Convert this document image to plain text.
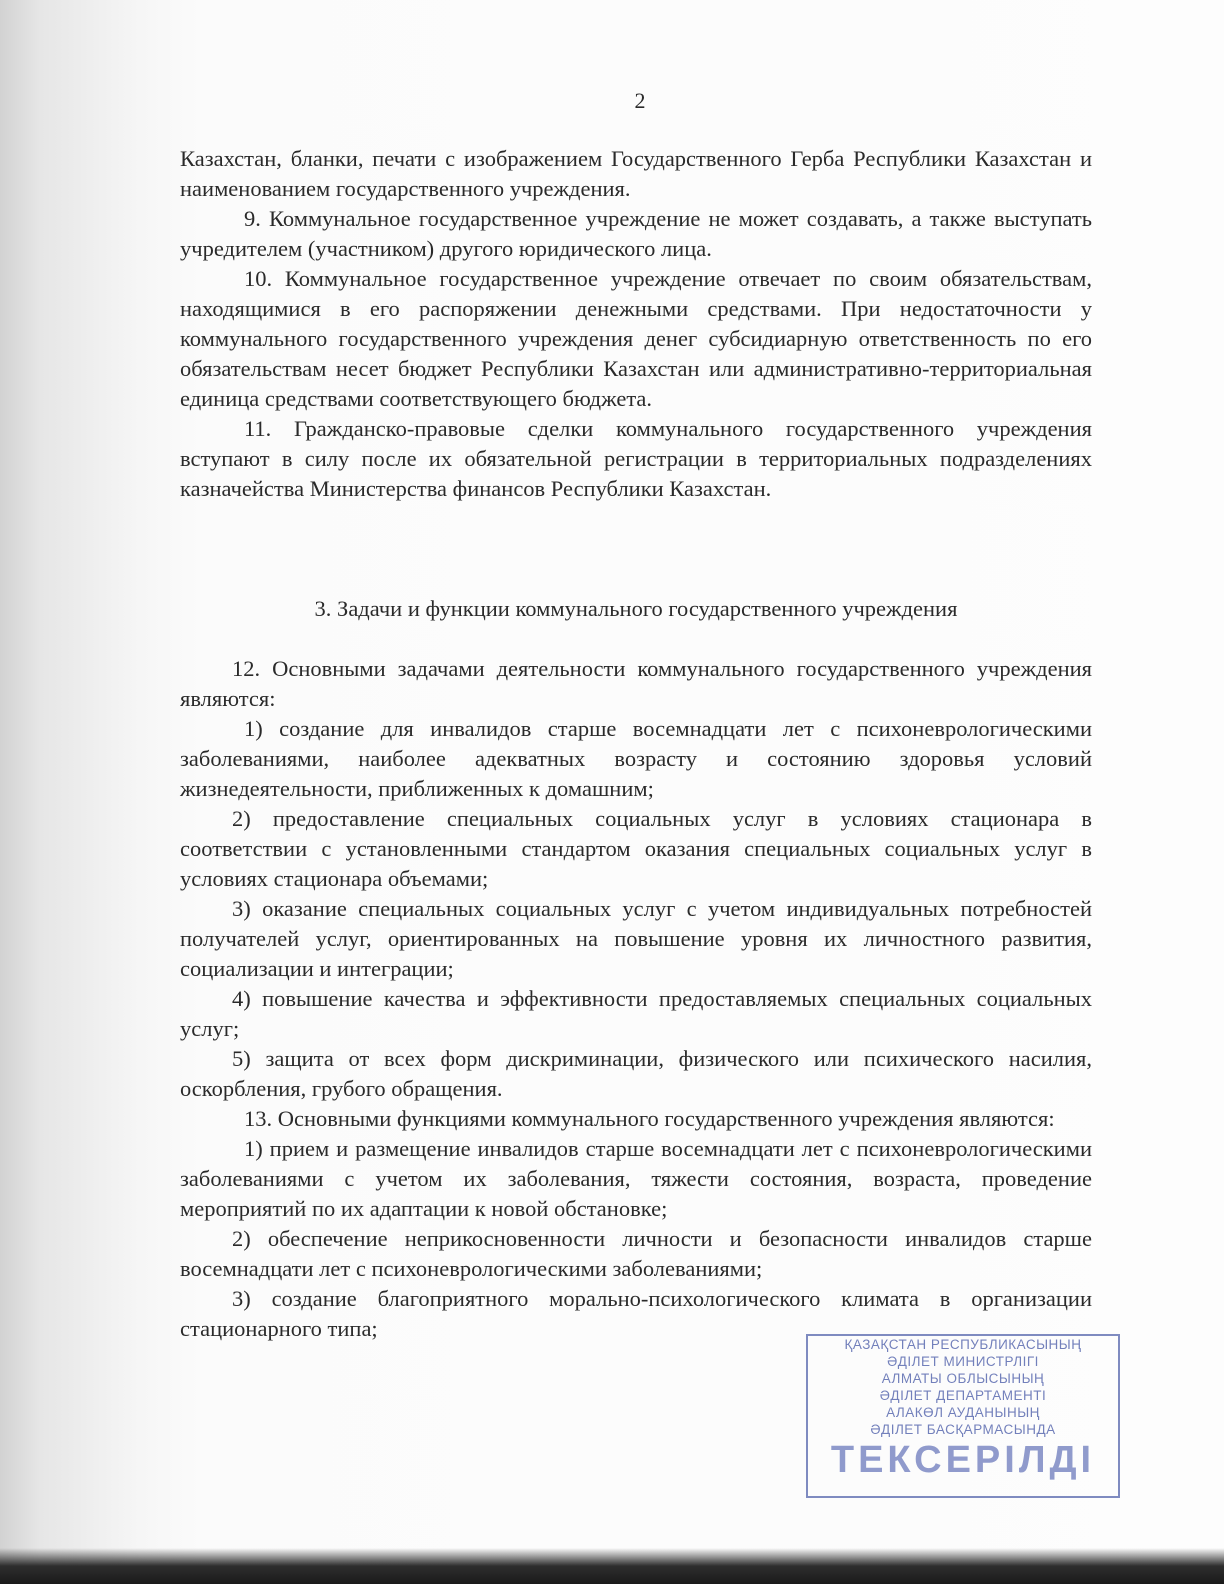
2

Казахстан, бланки, печати с изображением Государственного Герба Республики Казахстан и наименованием государственного учреждения.

9. Коммунальное государственное учреждение не может создавать, а также выступать учредителем (участником) другого юридического лица.

10. Коммунальное государственное учреждение отвечает по своим обязательствам, находящимися в его распоряжении денежными средствами. При недостаточности у коммунального государственного учреждения денег субсидиарную ответственность по его обязательствам несет бюджет Республики Казахстан или административно-территориальная единица средствами соответствующего бюджета.

11. Гражданско-правовые сделки коммунального государственного учреждения вступают в силу после их обязательной регистрации в территориальных подразделениях казначейства Министерства финансов Республики Казахстан.

3. Задачи и функции коммунального государственного учреждения

12. Основными задачами деятельности коммунального государственного учреждения являются:

1) создание для инвалидов старше восемнадцати лет с психоневрологическими заболеваниями, наиболее адекватных возрасту и состоянию здоровья условий жизнедеятельности, приближенных к домашним;

2) предоставление специальных социальных услуг в условиях стационара в соответствии с установленными стандартом оказания специальных социальных услуг в условиях стационара объемами;

3) оказание специальных социальных услуг с учетом индивидуальных потребностей получателей услуг, ориентированных на повышение уровня их личностного развития, социализации и интеграции;

4) повышение качества и эффективности предоставляемых специальных социальных услуг;

5) защита от всех форм дискриминации, физического или психического насилия, оскорбления, грубого обращения.

13. Основными функциями коммунального государственного учреждения являются:

1) прием и размещение инвалидов старше восемнадцати лет с психоневрологическими заболеваниями с учетом их заболевания, тяжести состояния, возраста, проведение мероприятий по их адаптации к новой обстановке;

2) обеспечение неприкосновенности личности и безопасности инвалидов старше восемнадцати лет с психоневрологическими заболеваниями;

3) создание благоприятного морально-психологического климата в организации стационарного типа;

ҚАЗАҚСТАН РЕСПУБЛИКАСЫНЫҢ
ӘДІЛЕТ МИНИСТРЛІГІ
АЛМАТЫ ОБЛЫСЫНЫҢ
ӘДІЛЕТ ДЕПАРТАМЕНТІ
АЛАКӨЛ АУДАНЫНЫҢ
ӘДІЛЕТ БАСҚАРМАСЫНДА
ТЕКСЕРІЛДІ
